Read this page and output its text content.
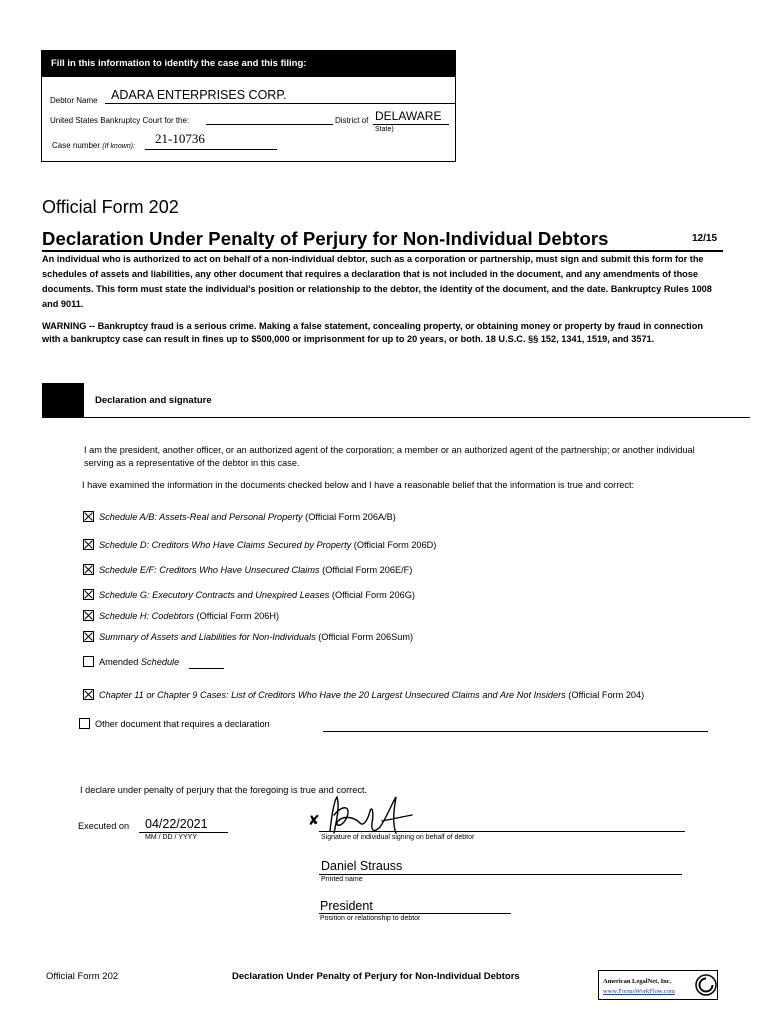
Fill in this information to identify the case and this filing:
Debtor Name ADARA ENTERPRISES CORP.
United States Bankruptcy Court for the:	District of DELAWARE
State)
Case number (If known):
21-10736
Official Form 202
Declaration Under Penalty of Perjury for Non-Individual Debtors	12/15
An individual who is authorized to act on behalf of a non-individual debtor, such as a corporation or partnership, must sign and submit this form for the schedules of assets and liabilities, any other document that requires a declaration that is not included in the document, and any amendments of those documents. This form must state the individual's position or relationship to the debtor, the identity of the document, and the date. Bankruptcy Rules 1008 and 9011.
WARNING -- Bankruptcy fraud is a serious crime. Making a false statement, concealing property, or obtaining money or property by fraud in connection with a bankruptcy case can result in fines up to $500,000 or imprisonment for up to 20 years, or both. 18 U.S.C. §§ 152, 1341, 1519, and 3571.
Declaration and signature
I am the president, another officer, or an authorized agent of the corporation; a member or an authorized agent of the partnership; or another individual serving as a representative of the debtor in this case.
I have examined the information in the documents checked below and I have a reasonable belief that the information is true and correct:
Schedule A/B: Assets-Real and Personal Property (Official Form 206A/B)
Schedule D: Creditors Who Have Claims Secured by Property (Official Form 206D)
Schedule E/F: Creditors Who Have Unsecured Claims (Official Form 206E/F)
Schedule G: Executory Contracts and Unexpired Leases (Official Form 206G)
Schedule H: Codebtors (Official Form 206H)
Summary of Assets and Liabilities for Non-Individuals (Official Form 206Sum)
Amended Schedule
Chapter 11 or Chapter 9 Cases: List of Creditors Who Have the 20 Largest Unsecured Claims and Are Not Insiders (Official Form 204)
Other document that requires a declaration
I declare under penalty of perjury that the foregoing is true and correct.
Executed on 04/22/2021
MM / DD / YYYY
✘
Signature of individual signing on behalf of debtor
Daniel Strauss
Printed name
President
Position or relationship to debtor
Official Form 202	Declaration Under Penalty of Perjury for Non-Individual Debtors	American LegalNet, Inc.
www.FormsWorkFlow.com
